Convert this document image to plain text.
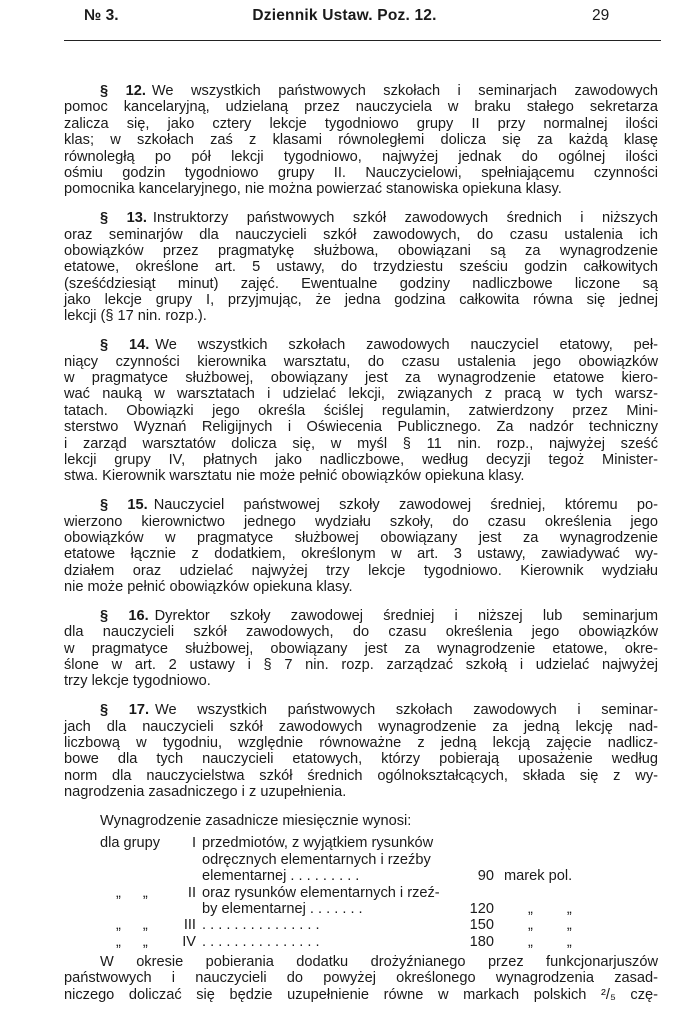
№ 3.	Dziennik Ustaw. Poz. 12.	29
§ 12. We wszystkich państwowych szkołach i seminarjach zawodowych
pomoc kancelaryjną, udzielaną przez nauczyciela w braku stałego sekretarza
zalicza się, jako cztery lekcje tygodniowo grupy II przy normalnej ilości
klas; w szkołach zaś z klasami równoległemi dolicza się za każdą klasę
równoległą po pół lekcji tygodniowo, najwyżej jednak do ogólnej ilości
ośmiu godzin tygodniowo grupy II. Nauczycielowi, spełniającemu czynności
pomocnika kancelaryjnego, nie można powierzać stanowiska opiekuna klasy.
§ 13. Instruktorzy państwowych szkół zawodowych średnich i niższych
oraz seminarjów dla nauczycieli szkół zawodowych, do czasu ustalenia ich
obowiązków przez pragmatykę służbowa, obowiązani są za wynagrodzenie
etatowe, określone art. 5 ustawy, do trzydziestu sześciu godzin całkowitych
(sześćdziesiąt minut) zajęć. Ewentualne godziny nadliczbowe liczone są
jako lekcje grupy I, przyjmując, że jedna godzina całkowita równa się jednej
lekcji (§ 17 nin. rozp.).
§ 14. We wszystkich szkołach zawodowych nauczyciel etatowy, peł-
niący czynności kierownika warsztatu, do czasu ustalenia jego obowiązków
w pragmatyce służbowej, obowiązany jest za wynagrodzenie etatowe kiero-
wać nauką w warsztatach i udzielać lekcji, związanych z pracą w tych warsz-
tatach. Obowiązki jego określa ściślej regulamin, zatwierdzony przez Mini-
sterstwo Wyznań Religijnych i Oświecenia Publicznego. Za nadzór techniczny
i zarząd warsztatów dolicza się, w myśl § 11 nin. rozp., najwyżej sześć
lekcji grupy IV, płatnych jako nadliczbowe, według decyzji tegoż Minister-
stwa. Kierownik warsztatu nie może pełnić obowiązków opiekuna klasy.
§ 15. Nauczyciel państwowej szkoły zawodowej średniej, któremu po-
wierzono kierownictwo jednego wydziału szkoły, do czasu określenia jego
obowiązków w pragmatyce służbowej obowiązany jest za wynagrodzenie
etatowe łącznie z dodatkiem, określonym w art. 3 ustawy, zawiadywać wy-
działem oraz udzielać najwyżej trzy lekcje tygodniowo. Kierownik wydziału
nie może pełnić obowiązków opiekuna klasy.
§ 16. Dyrektor szkoły zawodowej średniej i niższej lub seminarjum
dla nauczycieli szkół zawodowych, do czasu określenia jego obowiązków
w pragmatyce służbowej, obowiązany jest za wynagrodzenie etatowe, okre-
ślone w art. 2 ustawy i § 7 nin. rozp. zarządzać szkołą i udzielać najwyżej
trzy lekcje tygodniowo.
§ 17. We wszystkich państwowych szkołach zawodowych i seminar-
jach dla nauczycieli szkół zawodowych wynagrodzenie za jedną lekcję nad-
liczbową w tygodniu, względnie równoważne z jedną lekcją zajęcie nadlicz-
bowe dla tych nauczycieli etatowych, którzy pobierają uposażenie według
norm dla nauczycielstwa szkół średnich ogólnokształcących, składa się z wy-
nagrodzenia zasadniczego i z uzupełnienia.
Wynagrodzenie zasadnicze miesięcznie wynosi:
dla grupy	I przedmiotów, z wyjątkiem rysunków
odręcznych elementarnych i rzeźby
elementarnej . . . . . . . . .	90 marek pol.
„ „	II oraz rysunków elementarnych i rzeź-
by elementarnej . . . . . . .	120 „ „
„ „	III . . . . . . . . . . . . . . .	150 „ „
„ „	IV . . . . . . . . . . . . . . .	180 „ „
W okresie pobierania dodatku drożyźnianego przez funkcjonarjuszów
państwowych i nauczycieli do powyżej określonego wynagrodzenia zasad-
niczego doliczać się będzie uzupełnienie równe w markach polskich ²/₅ czę-
